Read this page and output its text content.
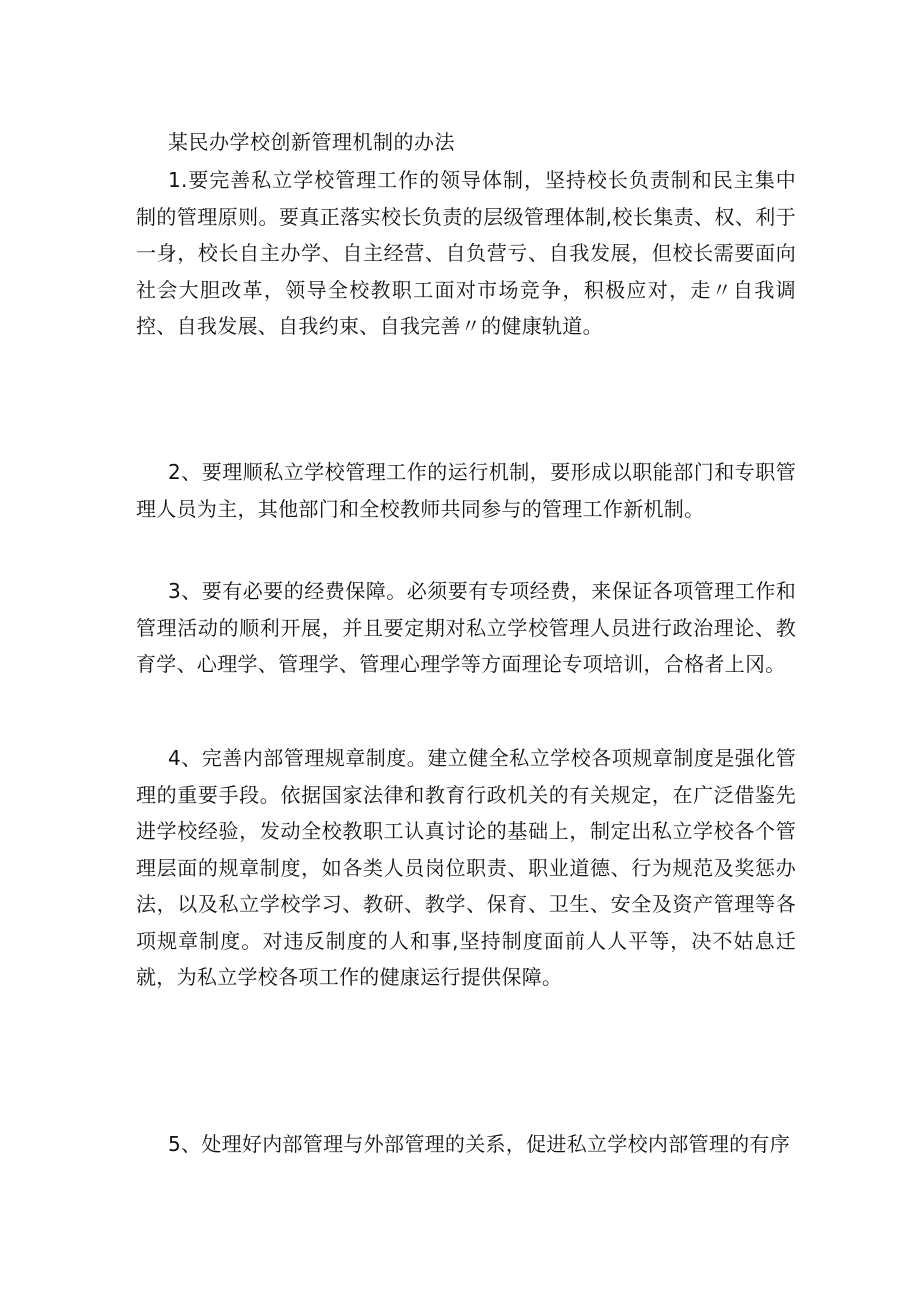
某民办学校创新管理机制的办法

1.要完善私立学校管理工作的领导体制，坚持校长负责制和民主集中制的管理原则。要真正落实校长负责的层级管理体制,校长集责、权、利于一身，校长自主办学、自主经营、自负营亏、自我发展，但校长需要面向社会大胆改革，领导全校教职工面对市场竞争，积极应对，走〃自我调控、自我发展、自我约束、自我完善〃的健康轨道。

2、要理顺私立学校管理工作的运行机制，要形成以职能部门和专职管理人员为主，其他部门和全校教师共同参与的管理工作新机制。

3、要有必要的经费保障。必须要有专项经费，来保证各项管理工作和管理活动的顺利开展，并且要定期对私立学校管理人员进行政治理论、教育学、心理学、管理学、管理心理学等方面理论专项培训，合格者上冈。

4、完善内部管理规章制度。建立健全私立学校各项规章制度是强化管理的重要手段。依据国家法律和教育行政机关的有关规定，在广泛借鉴先进学校经验，发动全校教职工认真讨论的基础上，制定出私立学校各个管理层面的规章制度，如各类人员岗位职责、职业道德、行为规范及奖惩办法，以及私立学校学习、教研、教学、保育、卫生、安全及资产管理等各项规章制度。对违反制度的人和事,坚持制度面前人人平等，决不姑息迁就，为私立学校各项工作的健康运行提供保障。

5、处理好内部管理与外部管理的关系，促进私立学校内部管理的有序
